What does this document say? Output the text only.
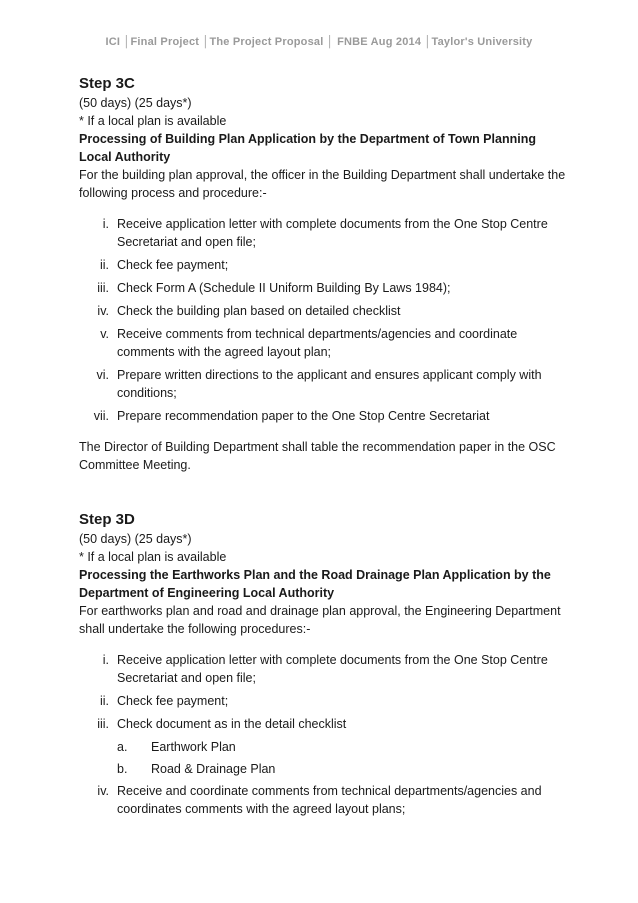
ICI │Final Project │The Project Proposal │ FNBE Aug 2014 │Taylor's University

Step 3C

(50 days) (25 days*)

* If a local plan is available

Processing of Building Plan Application by the Department of Town Planning Local Authority

For the building plan approval, the officer in the Building Department shall undertake the following process and procedure:-

i. Receive application letter with complete documents from the One Stop Centre Secretariat and open file;
ii. Check fee payment;
iii. Check Form A (Schedule II Uniform Building By Laws 1984);
iv. Check the building plan based on detailed checklist
v. Receive comments from technical departments/agencies and coordinate comments with the agreed layout plan;
vi. Prepare written directions to the applicant and ensures applicant comply with conditions;
vii. Prepare recommendation paper to the One Stop Centre Secretariat

The Director of Building Department shall table the recommendation paper in the OSC Committee Meeting.

Step 3D

(50 days) (25 days*)

* If a local plan is available

Processing the Earthworks Plan and the Road Drainage Plan Application by the Department of Engineering Local Authority

For earthworks plan and road and drainage plan approval, the Engineering Department shall undertake the following procedures:-

i. Receive application letter with complete documents from the One Stop Centre Secretariat and open file;
ii. Check fee payment;
iii. Check document as in the detail checklist
a.	Earthwork Plan
b.	Road & Drainage Plan
iv. Receive and coordinate comments from technical departments/agencies and coordinates comments with the agreed layout plans;
